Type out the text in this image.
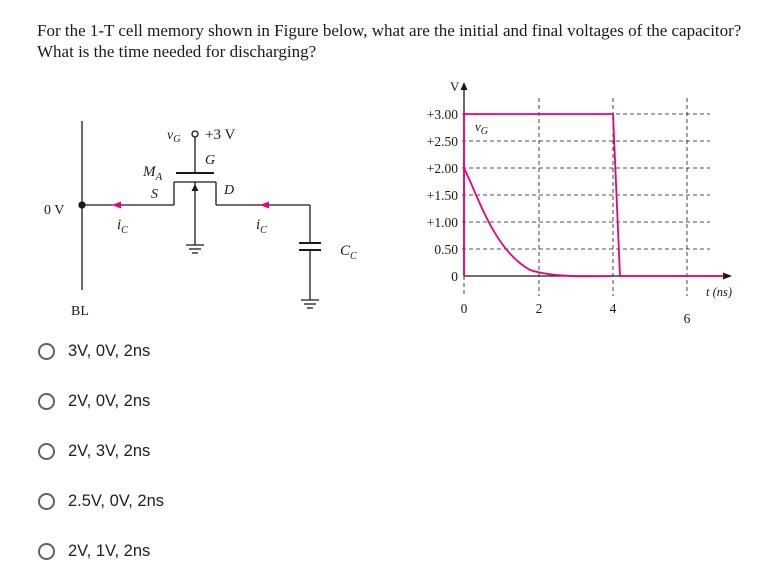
For the 1-T cell memory shown in Figure below, what are the initial and final voltages of the capacitor? What is the time needed for discharging?

0 V
BL
$M_A$
S
G
D
$v_G +3$ V
$i_C$	$i_C$
$C_C$
V
+3.00
+2.50
+2.00
+1.50
+1.00
0.50
0
0	2	4
6
t (ns)
$v_G$
3V, 0V, 2ns
2V, 0V, 2ns
2V, 3V, 2ns
2.5V, 0V, 2ns
2V, 1V, 2ns
